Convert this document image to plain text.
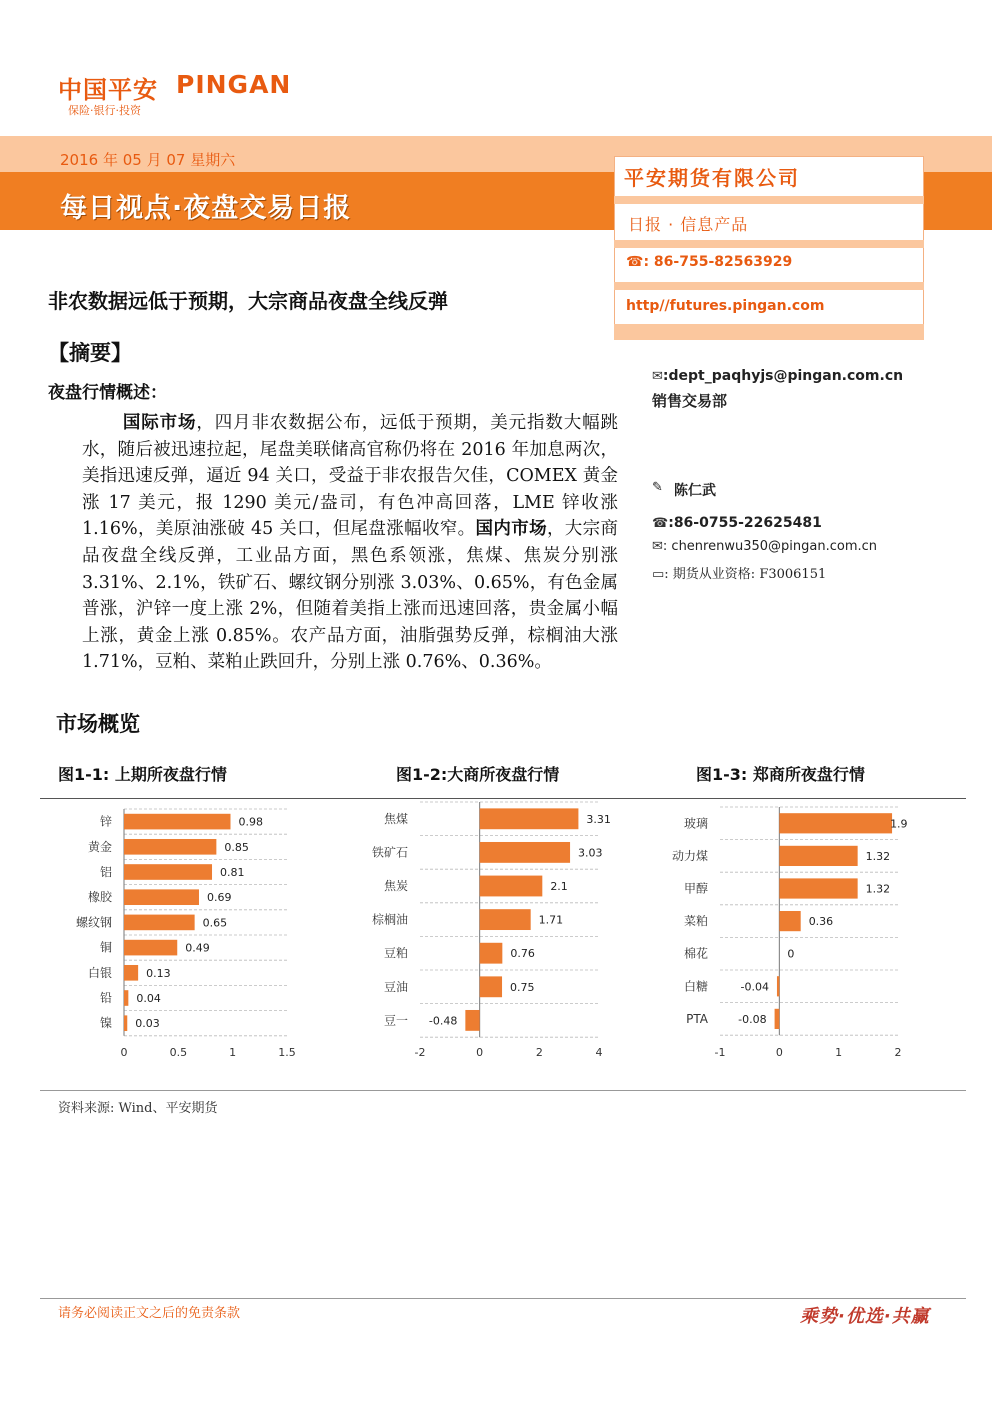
中国平安 PINGAN
保险·银行·投资
2016 年 05 月 07 星期六
每日视点·夜盘交易日报
平安期货有限公司
日报 · 信息产品
☎: 86-755-82563929
http//futures.pingan.com
✉:dept_paqhyjs@pingan.com.cn
销售交易部
✎ 陈仁武
☎:86-0755-22625481
✉: chenrenwu350@pingan.com.cn
▭: 期货从业资格: F3006151
非农数据远低于预期，大宗商品夜盘全线反弹
【摘要】
夜盘行情概述：
国际市场，四月非农数据公布，远低于预期，美元指数大幅跳水，随后被迅速拉起，尾盘美联储高官称仍将在 2016 年加息两次，美指迅速反弹，逼近 94 关口，受益于非农报告欠佳，COMEX 黄金涨 17 美元，报 1290 美元/盎司，有色冲高回落，LME 锌收涨 1.16%，美原油涨破 45 关口，但尾盘涨幅收窄。国内市场，大宗商品夜盘全线反弹，工业品方面，黑色系领涨，焦煤、焦炭分别涨 3.31%、2.1%，铁矿石、螺纹钢分别涨 3.03%、0.65%，有色金属普涨，沪锌一度上涨 2%，但随着美指上涨而迅速回落，贵金属小幅上涨，黄金上涨 0.85%。农产品方面，油脂强势反弹，棕榈油大涨 1.71%，豆粕、菜粕止跌回升，分别上涨 0.76%、0.36%。
市场概览
图1-1: 上期所夜盘行情	图1-2:大商所夜盘行情	图1-3: 郑商所夜盘行情
锌	0.98
黄金	0.85
铝	0.81
橡胶	0.69
螺纹钢	0.65
铜	0.49
白银	0.13
铅 0.04
镍 0.03
0	0.5	1	1.5
焦煤	3.31
铁矿石	3.03
焦炭	2.1
棕榈油	1.71
豆粕	0.76
豆油	0.75
豆一 -0.48
-2	0	2	4
玻璃	1.9
动力煤	1.32
甲醇	1.32
菜粕	0.36
棉花	0
白糖	-0.04
PTA	-0.08
-1	0	1	2
资料来源: Wind、平安期货
请务必阅读正文之后的免责条款	乘势·优选·共赢
